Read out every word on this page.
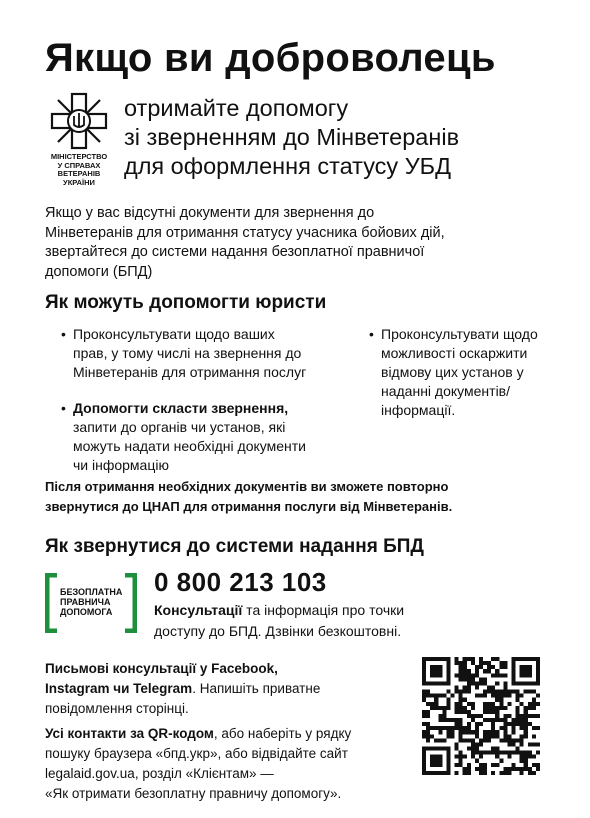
Якщо ви доброволець
МІНІСТЕРСТВО
У СПРАВАХ
ВЕТЕРАНІВ
УКРАЇНИ
отримайте допомогу
зі зверненням до Мінветеранів
для оформлення статусу УБД
Якщо у вас відсутні документи для звернення до
Мінветеранів для отримання статусу учасника бойових дій,
звертайтеся до системи надання безоплатної правничої
допомоги (БПД)
Як можуть допомогти юристи
• Проконсультувати щодо ваших
прав, у тому числі на звернення до
Мінветеранів для отримання послуг
• Допомогти скласти звернення,
запити до органів чи установ, які
можуть надати необхідні документи
чи інформацію
• Проконсультувати щодо
можливості оскаржити
відмову цих установ у
наданні документів/
інформації.
Після отримання необхідних документів ви зможете повторно
звернутися до ЦНАП для отримання послуги від Мінветеранів.
Як звернутися до системи надання БПД
БЕЗОПЛАТНА
ПРАВНИЧА
ДОПОМОГА
0 800 213 103
Консультації та інформація про точки
доступу до БПД. Дзвінки безкоштовні.
Письмові консультації у Facebook,
Instagram чи Telegram. Напишіть приватне
повідомлення сторінці.
Усі контакти за QR-кодом, або наберіть у рядку
пошуку браузера «бпд.укр», або відвідайте сайт
legalaid.gov.ua, розділ «Клієнтам» —
«Як отримати безоплатну правничу допомогу».
